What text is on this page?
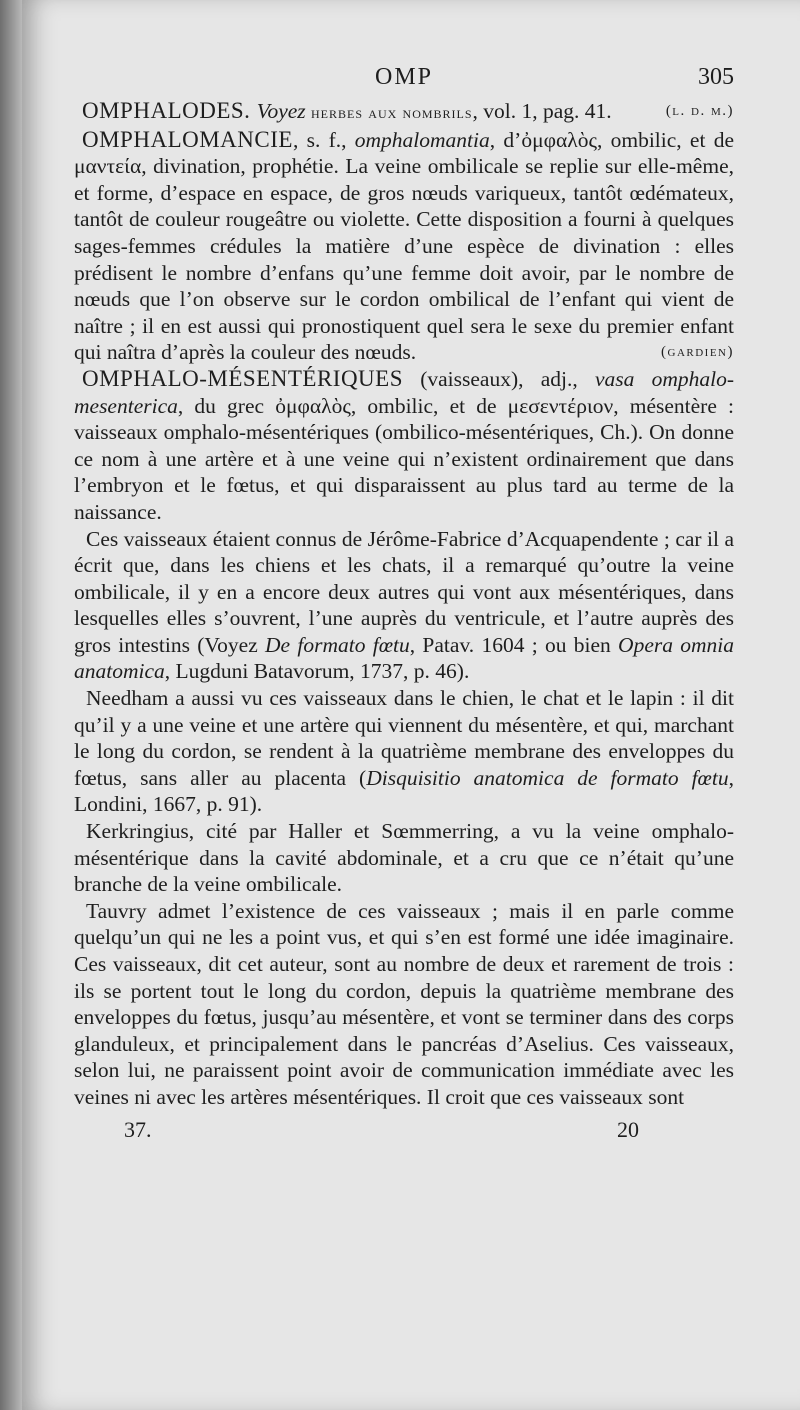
OMP	305

(l. d. m.)
OMPHALODES. Voyez herbes aux nombrils, vol. 1, pag. 41.

OMPHALOMANCIE, s. f., omphalomantia, d’ὀμφαλὸς, ombilic, et de μαντεία, divination, prophétie. La veine ombilicale se replie sur elle-même, et forme, d’espace en espace, de gros nœuds variqueux, tantôt œdémateux, tantôt de couleur rougeâtre ou violette. Cette disposition a fourni à quelques sages-femmes crédules la matière d’une espèce de divination : elles prédisent le nombre d’enfans qu’une femme doit avoir, par le nombre de nœuds que l’on observe sur le cordon ombilical de l’enfant qui vient de naître ; il en est aussi qui pronostiquent quel sera le sexe du premier enfant qui naîtra d’après la couleur des nœuds.	(gardien)

OMPHALO-MÉSENTÉRIQUES (vaisseaux), adj., vasa omphalo-mesenterica, du grec ὀμφαλὸς, ombilic, et de μεσεντέριον, mésentère : vaisseaux omphalo-mésentériques (ombilico-mésentériques, Ch.). On donne ce nom à une artère et à une veine qui n’existent ordinairement que dans l’embryon et le fœtus, et qui disparaissent au plus tard au terme de la naissance.

Ces vaisseaux étaient connus de Jérôme-Fabrice d’Acquapendente ; car il a écrit que, dans les chiens et les chats, il a remarqué qu’outre la veine ombilicale, il y en a encore deux autres qui vont aux mésentériques, dans lesquelles elles s’ouvrent, l’une auprès du ventricule, et l’autre auprès des gros intestins (Voyez De formato fœtu, Patav. 1604 ; ou bien Opera omnia anatomica, Lugduni Batavorum, 1737, p. 46).

Needham a aussi vu ces vaisseaux dans le chien, le chat et le lapin : il dit qu’il y a une veine et une artère qui viennent du mésentère, et qui, marchant le long du cordon, se rendent à la quatrième membrane des enveloppes du fœtus, sans aller au placenta (Disquisitio anatomica de formato fœtu, Londini, 1667, p. 91).

Kerkringius, cité par Haller et Sœmmerring, a vu la veine omphalo-mésentérique dans la cavité abdominale, et a cru que ce n’était qu’une branche de la veine ombilicale.

Tauvry admet l’existence de ces vaisseaux ; mais il en parle comme quelqu’un qui ne les a point vus, et qui s’en est formé une idée imaginaire. Ces vaisseaux, dit cet auteur, sont au nombre de deux et rarement de trois : ils se portent tout le long du cordon, depuis la quatrième membrane des enveloppes du fœtus, jusqu’au mésentère, et vont se terminer dans des corps glanduleux, et principalement dans le pancréas d’Aselius. Ces vaisseaux, selon lui, ne paraissent point avoir de communication immédiate avec les veines ni avec les artères mésentériques. Il croit que ces vaisseaux sont

37.	20
